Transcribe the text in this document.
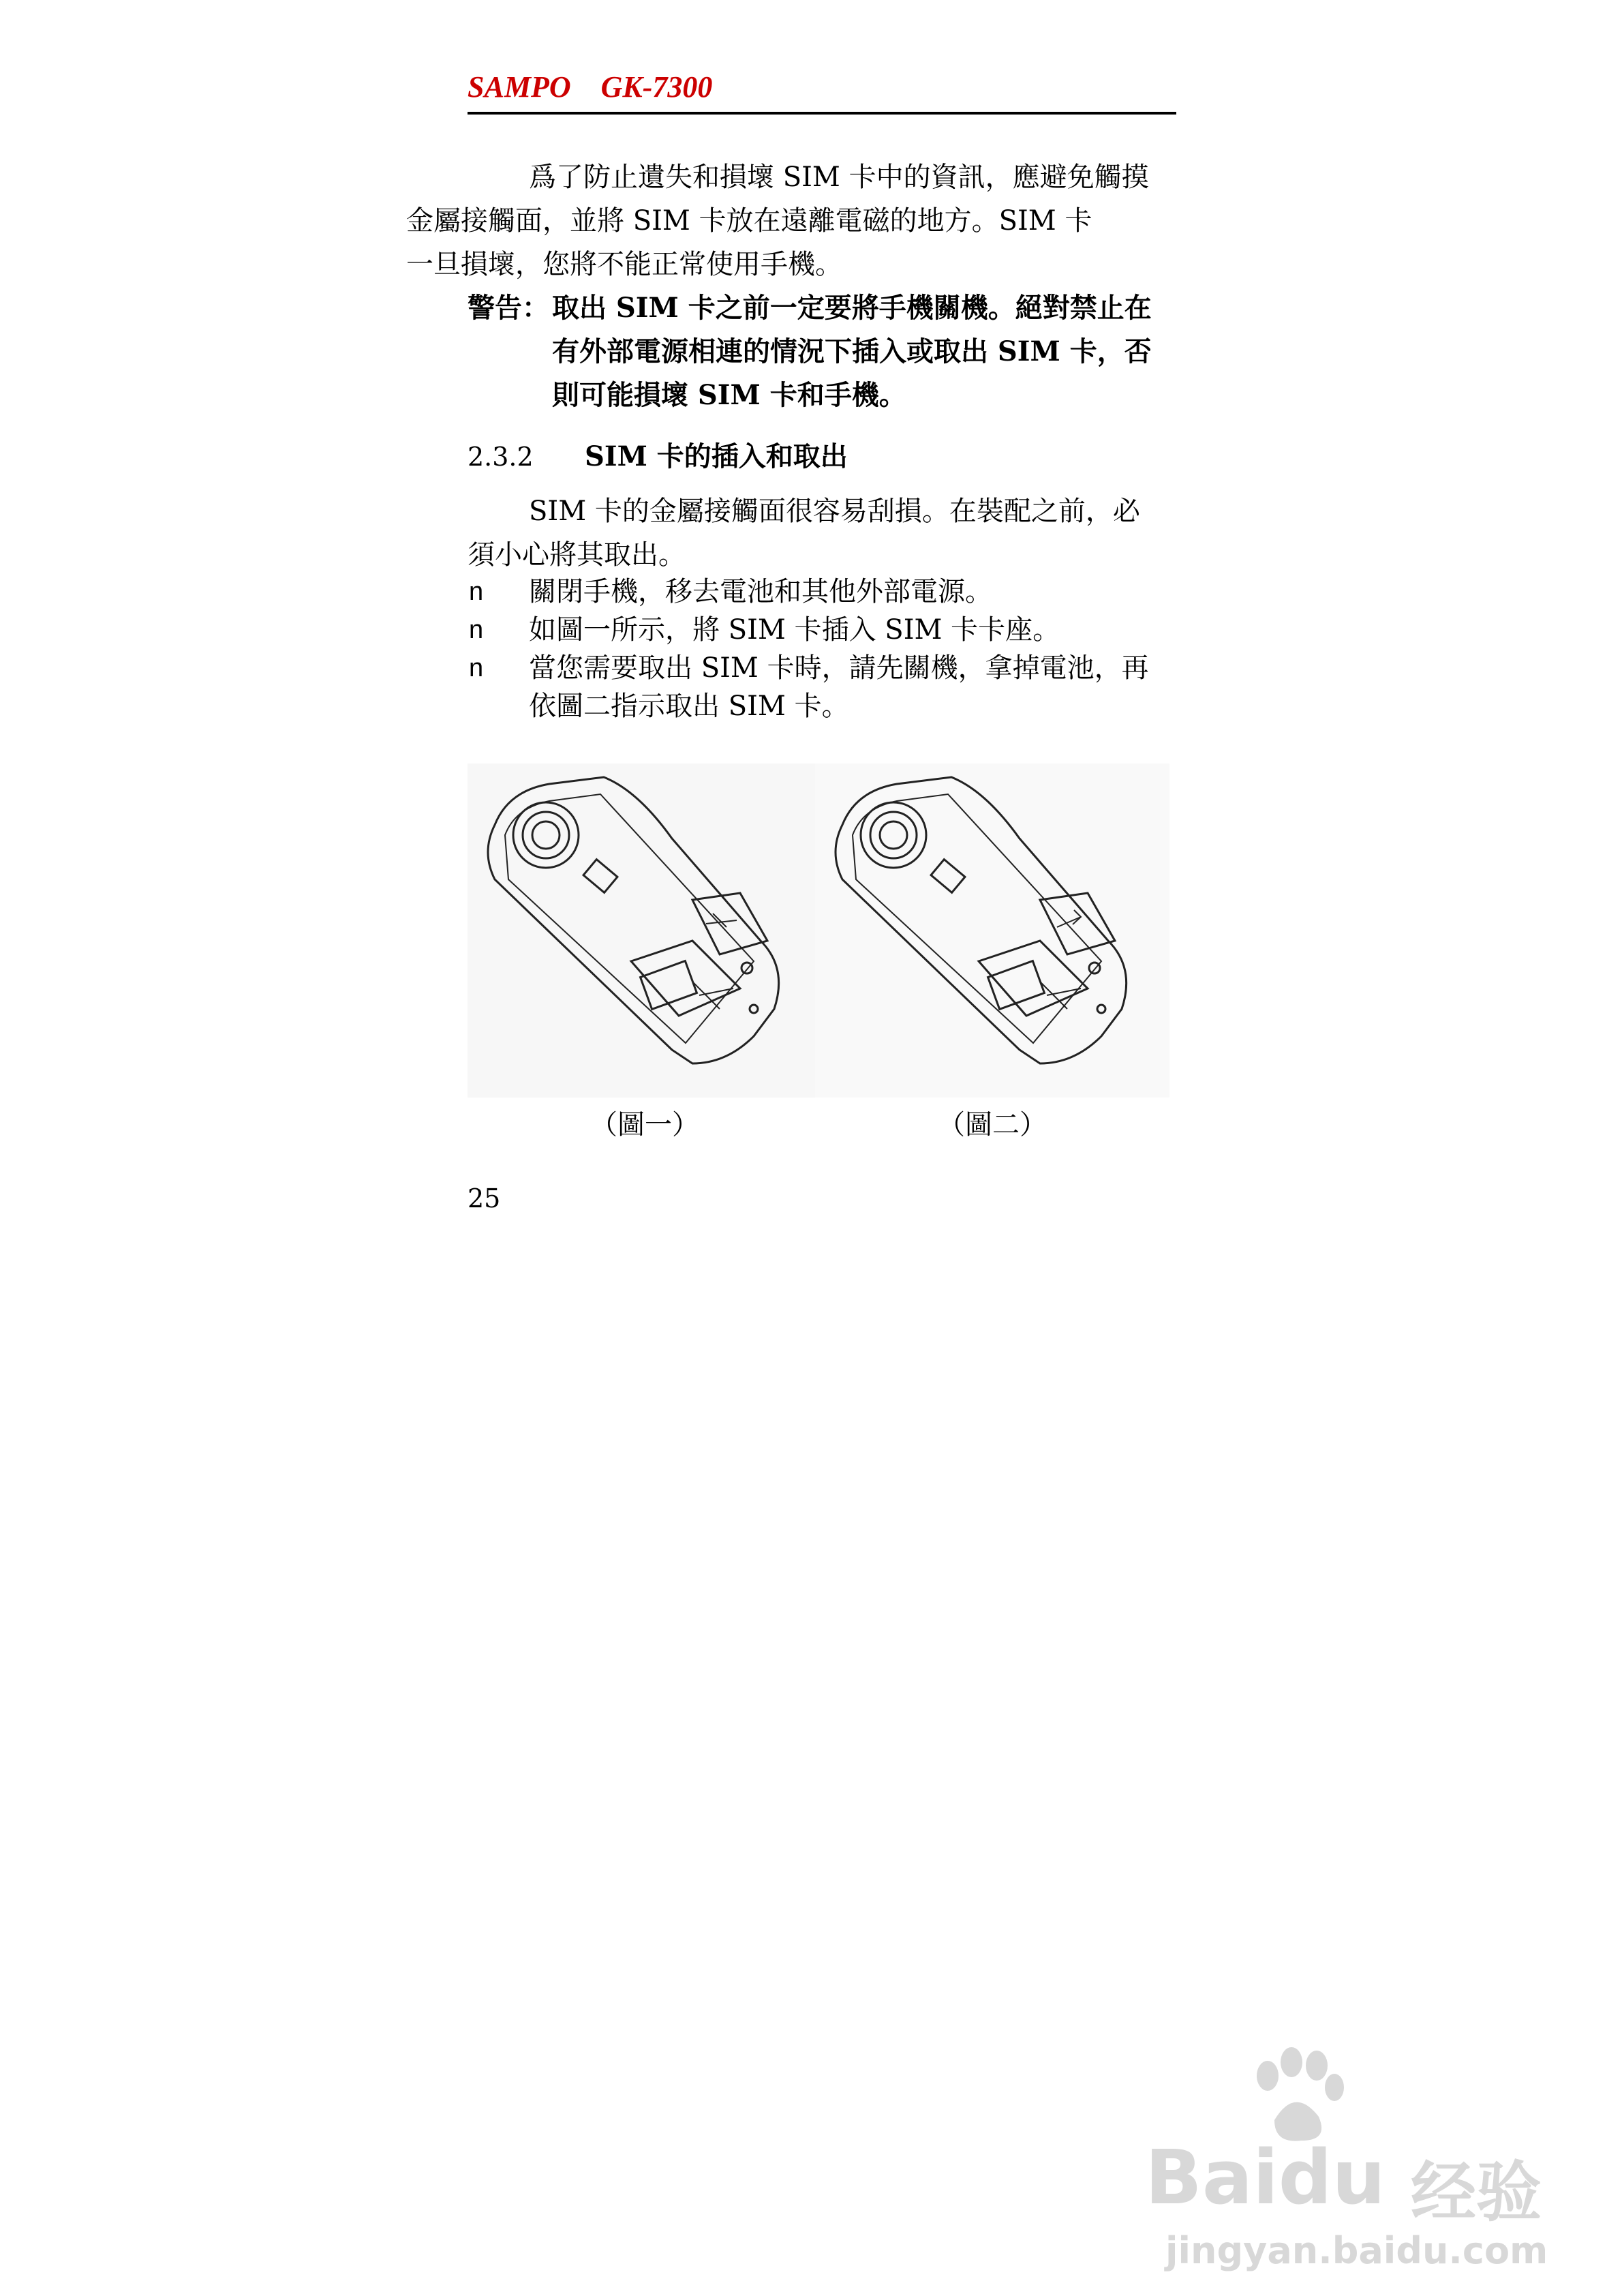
SAMPO    GK-7300
爲了防止遺失和損壞 SIM 卡中的資訊，應避免觸摸
金屬接觸面，並將 SIM 卡放在遠離電磁的地方。SIM 卡
一旦損壞，您將不能正常使用手機。
警告： 取出 SIM 卡之前一定要將手機關機。絕對禁止在
有外部電源相連的情況下插入或取出 SIM 卡，否
則可能損壞 SIM 卡和手機。
2.3.2 SIM 卡的插入和取出
SIM 卡的金屬接觸面很容易刮損。在裝配之前，必
須小心將其取出。
n 關閉手機，移去電池和其他外部電源。
n 如圖一所示，將 SIM 卡插入 SIM 卡卡座。
n 當您需要取出 SIM 卡時，請先關機，拿掉電池，再
依圖二指示取出 SIM 卡。
（圖一）	（圖二）
25
Baidu 经验
jingyan.baidu.com
